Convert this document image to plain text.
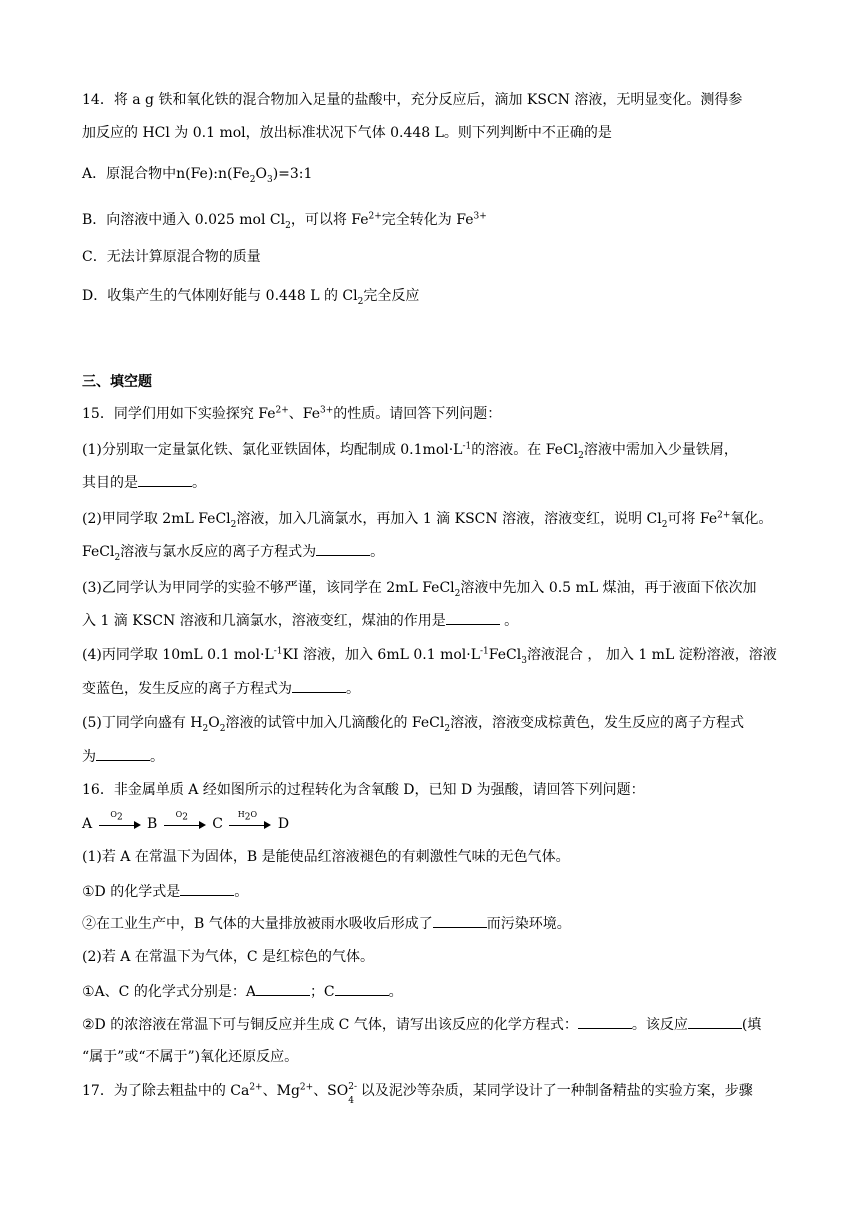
14．将 a g 铁和氧化铁的混合物加入足量的盐酸中，充分反应后，滴加 KSCN 溶液，无明显变化。测得参
加反应的 HCl 为 0.1 mol，放出标准状况下气体 0.448 L。则下列判断中不正确的是
A．原混合物中$n(Fe):n(Fe_2O_3)=3:1$
B．向溶液中通入 0.025 mol $Cl_2$，可以将 $Fe^{2+}$完全转化为 $Fe^{3+}$
C．无法计算原混合物的质量
D．收集产生的气体刚好能与 0.448 L 的 $Cl_2$完全反应
三、填空题
15．同学们用如下实验探究 $Fe^{2+}$、$Fe^{3+}$的性质。请回答下列问题：
(1)分别取一定量氯化铁、氯化亚铁固体，均配制成 $0.1mol\cdot L^{-1}$的溶液。在 FeCl$_2$溶液中需加入少量铁屑，
其目的是	。
(2)甲同学取 2mL FeCl$_2$溶液，加入几滴氯水，再加入 1 滴 KSCN 溶液，溶液变红，说明 $Cl_2$可将 $Fe^{2+}$氧化。
FeCl$_2$溶液与氯水反应的离子方程式为	。
(3)乙同学认为甲同学的实验不够严谨，该同学在 2mL FeCl$_2$溶液中先加入 0.5 mL 煤油，再于液面下依次加
入 1 滴 KSCN 溶液和几滴氯水，溶液变红，煤油的作用是	。
(4)丙同学取 10mL 0.1 $mol\cdot L^{-1}KI$ 溶液，加入 6mL 0.1 $mol\cdot L^{-1}FeCl_3$溶液混合 ， 加入 1 mL 淀粉溶液，溶液
变蓝色，发生反应的离子方程式为	。
(5)丁同学向盛有 $H_2O_2$溶液的试管中加入几滴酸化的 FeCl$_2$溶液，溶液变成棕黄色，发生反应的离子方程式
为	。
16．非金属单质 A 经如图所示的过程转化为含氧酸 D，已知 D 为强酸，请回答下列问题：
A
$O_2$	B
$O_2$	C
$H_2O$
D
(1)若 A 在常温下为固体，B 是能使品红溶液褪色的有刺激性气味的无色气体。
①D 的化学式是	。
②在工业生产中，B 气体的大量排放被雨水吸收后形成了	而污染环境。
(2)若 A 在常温下为气体，C 是红棕色的气体。
①A、C 的化学式分别是：A	；C	。
②D 的浓溶液在常温下可与铜反应并生成 C 气体，请写出该反应的化学方程式：	。该反应	(填
“属于”或“不属于”)氧化还原反应。
17．为了除去粗盐中的 $Ca^{2+}$、$Mg^{2+}$、SO 2-
4
以及泥沙等杂质，某同学设计了一种制备精盐的实验方案，步骤
